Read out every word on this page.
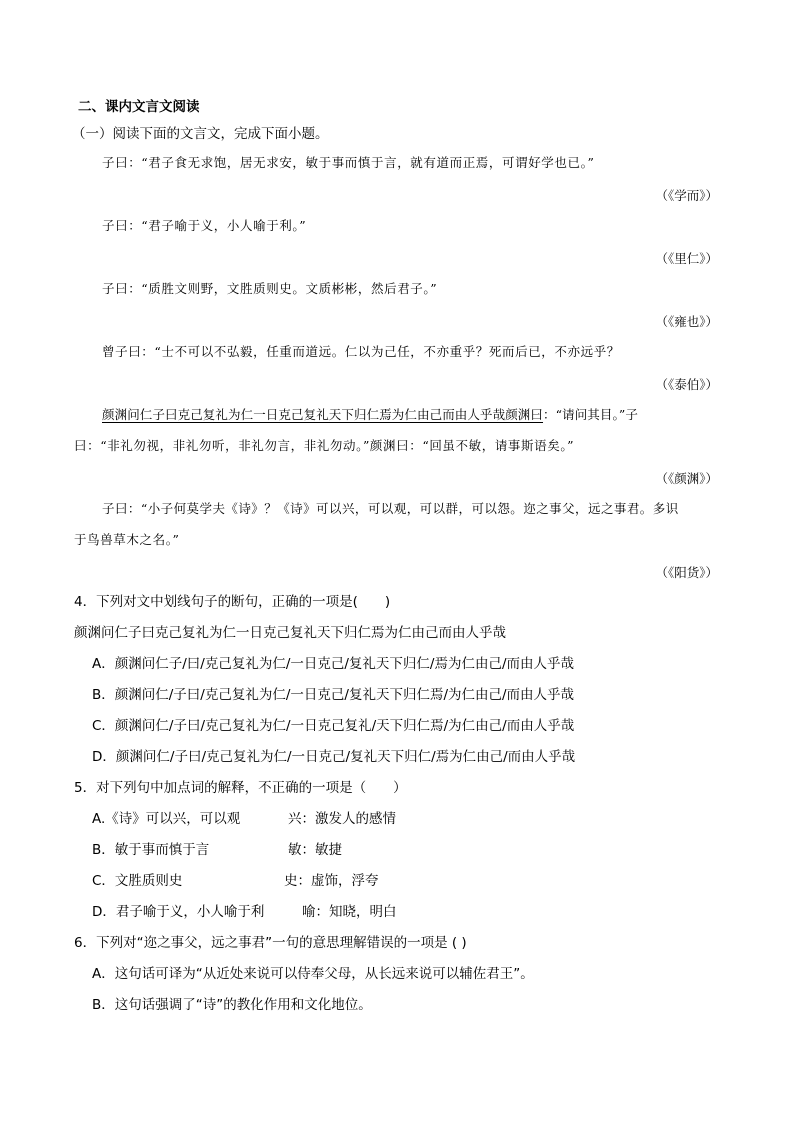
二、课内文言文阅读
（一）阅读下面的文言文，完成下面小题。
子曰：“君子食无求饱，居无求安，敏于事而慎于言，就有道而正焉，可谓好学也已。”
（《学而》）
子曰：“君子喻于义，小人喻于利。”
（《里仁》）
子曰：“质胜文则野，文胜质则史。文质彬彬，然后君子。”
（《雍也》）
曾子曰：“士不可以不弘毅，任重而道远。仁以为己任，不亦重乎？死而后已，不亦远乎？
（《泰伯》）
颜渊问仁子曰克己复礼为仁一日克己复礼天下归仁焉为仁由己而由人乎哉颜渊曰：“请问其目。”子
曰：“非礼勿视，非礼勿听，非礼勿言，非礼勿动。”颜渊曰：“回虽不敏，请事斯语矣。”
（《颜渊》）
子曰：“小子何莫学夫《诗》？《诗》可以兴，可以观，可以群，可以怨。迩之事父，远之事君。多识
于鸟兽草木之名。”
（《阳货》）
4．下列对文中划线句子的断句，正确的一项是(　　)
颜渊问仁子曰克己复礼为仁一日克己复礼天下归仁焉为仁由己而由人乎哉
A．颜渊问仁子/曰/克己复礼为仁/一日克己/复礼天下归仁/焉为仁由己/而由人乎哉
B．颜渊问仁/子曰/克己复礼为仁/一日克己/复礼天下归仁焉/为仁由己/而由人乎哉
C．颜渊问仁/子曰/克己复礼为仁/一日克己复礼/天下归仁焉/为仁由己/而由人乎哉
D．颜渊问仁/子曰/克己复礼为仁/一日克己/复礼天下归仁/焉为仁由己/而由人乎哉
5．对下列句中加点词的解释，不正确的一项是（　　）
A.《诗》可以兴，可以观	兴：激发人的感情
B．敏于事而慎于言	敏：敏捷
C．文胜质则史	史：虚饰，浮夸
D．君子喻于义，小人喻于利	喻：知晓，明白
6．下列对“迩之事父，远之事君”一句的意思理解错误的一项是 ( )
A．这句话可译为“从近处来说可以侍奉父母，从长远来说可以辅佐君王”。
B．这句话强调了“诗”的教化作用和文化地位。
